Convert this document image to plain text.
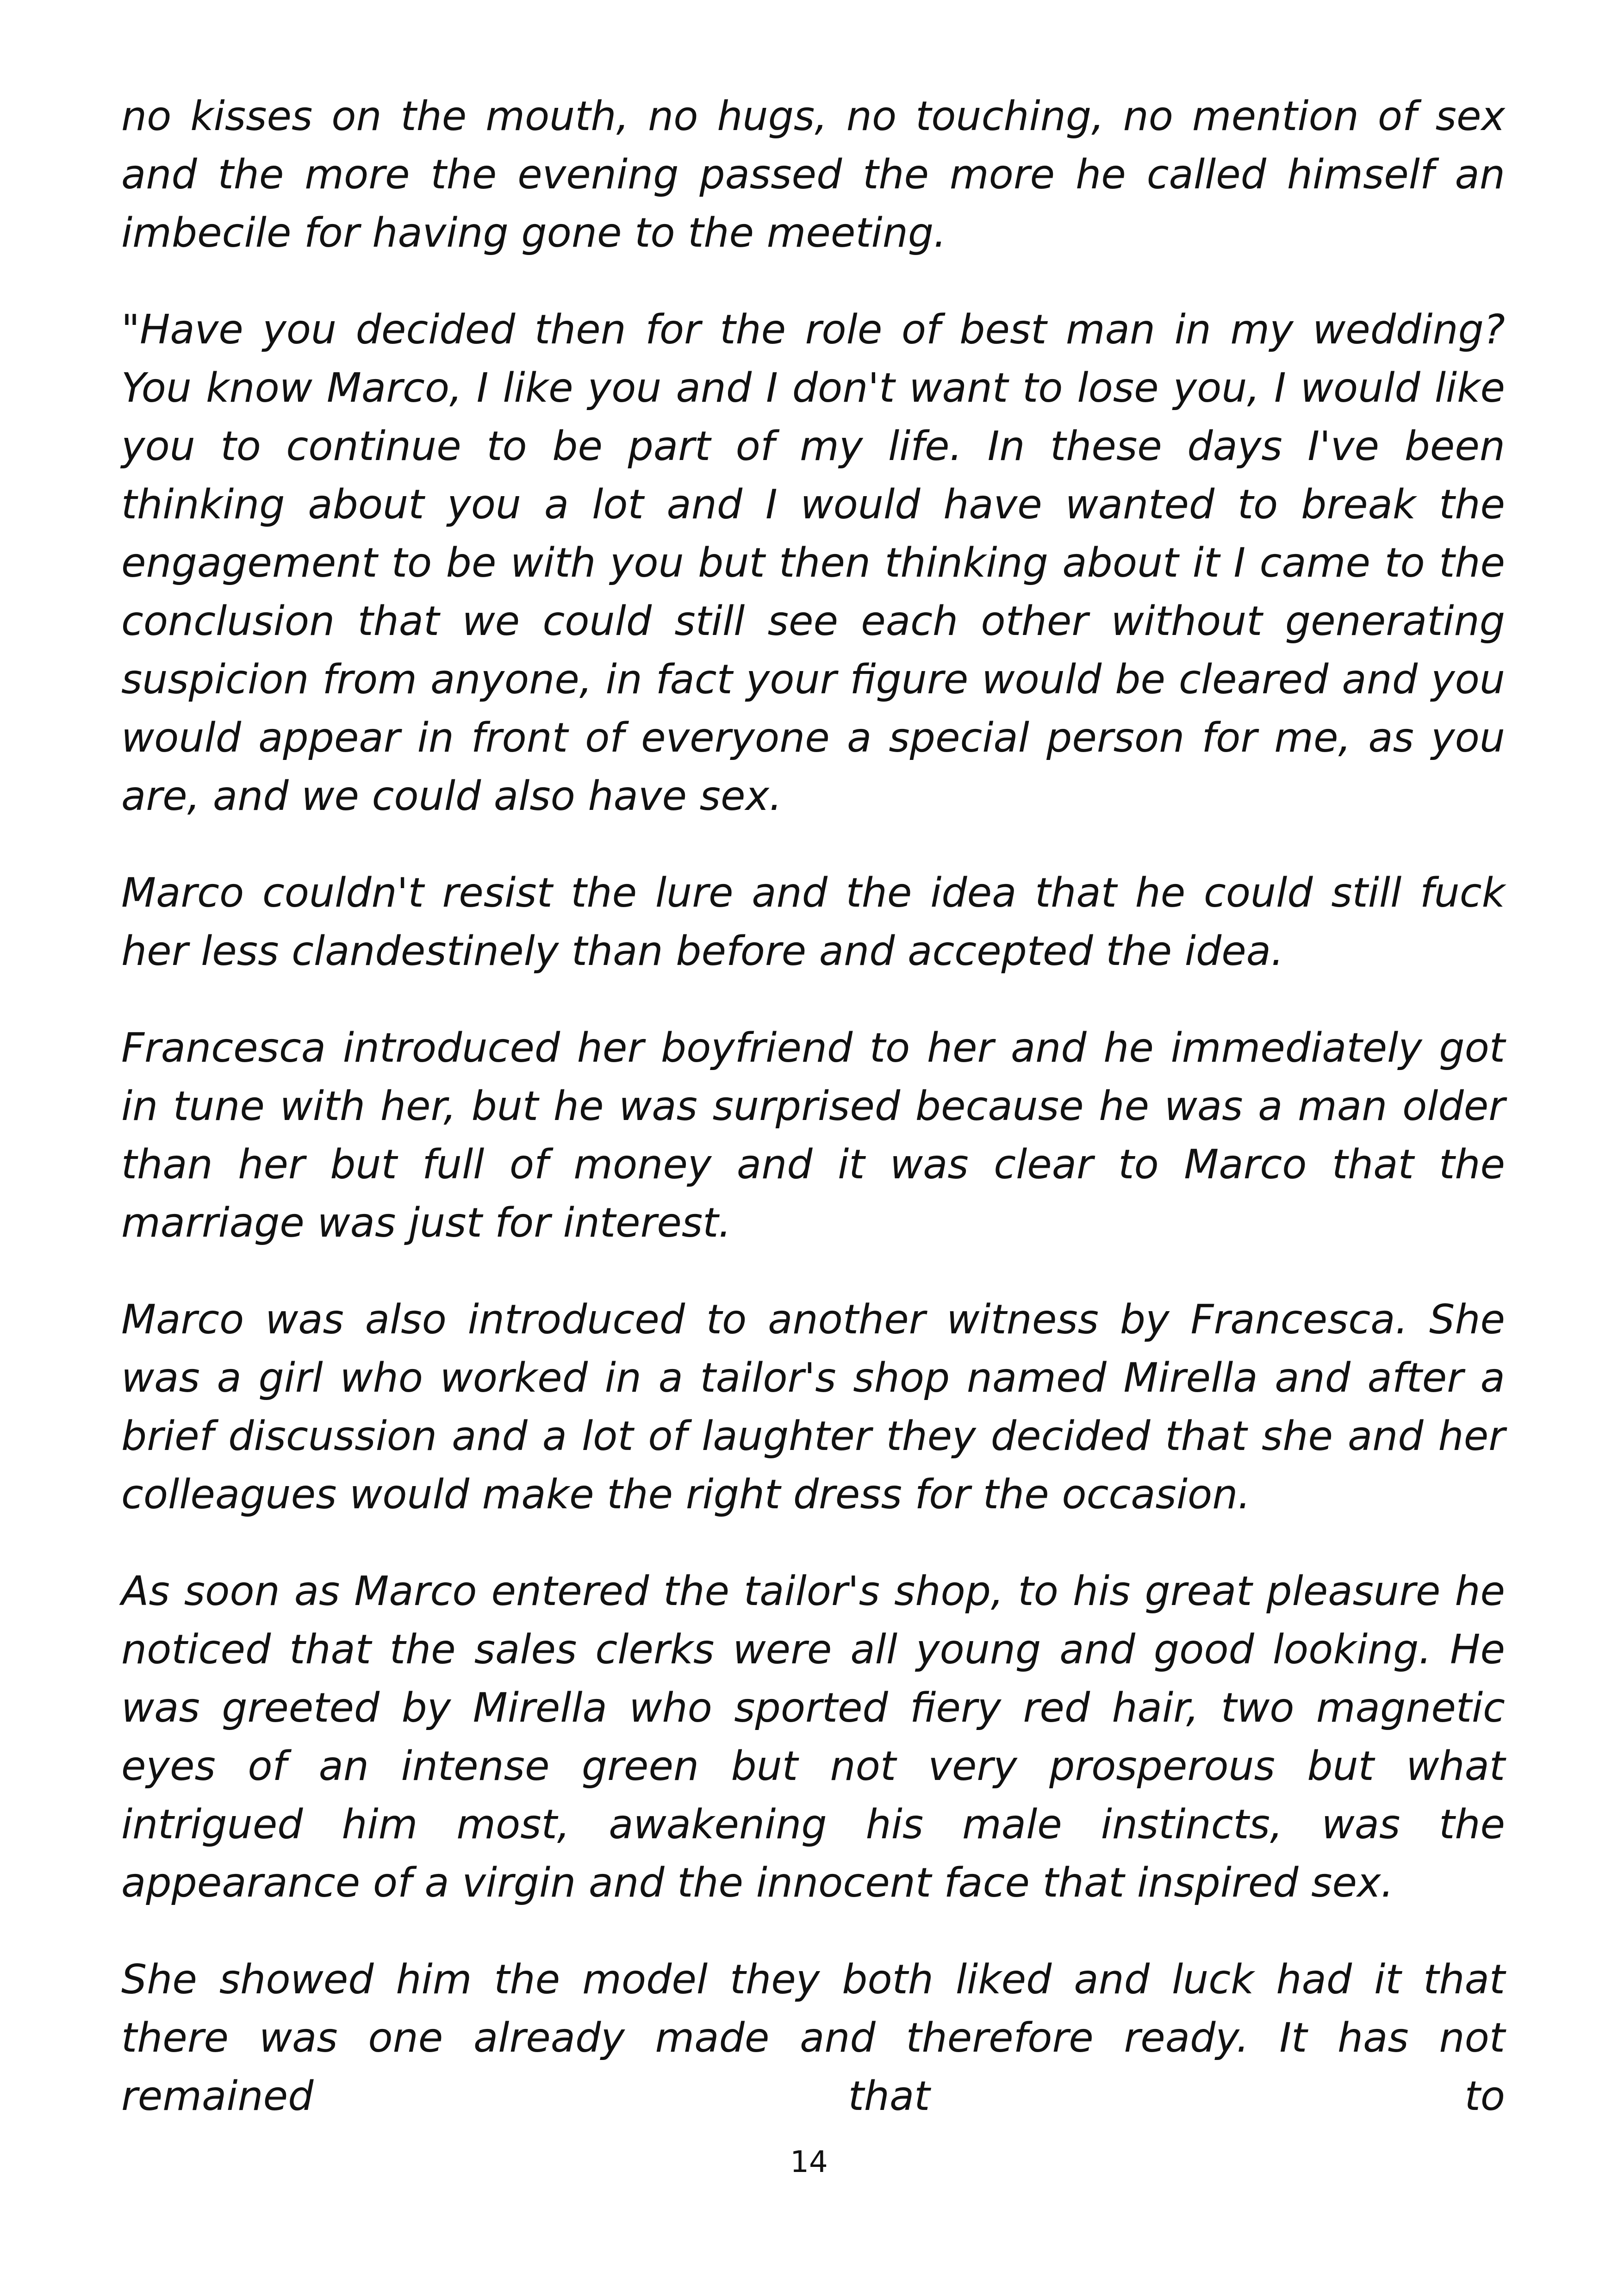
no kisses on the mouth, no hugs, no touching, no mention of sex and the more the evening passed the more he called himself an imbecile for having gone to the meeting.

"Have you decided then for the role of best man in my wedding? You know Marco, I like you and I don't want to lose you, I would like you to continue to be part of my life. In these days I've been thinking about you a lot and I would have wanted to break the engagement to be with you but then thinking about it I came to the conclusion that we could still see each other without generating suspicion from anyone, in fact your figure would be cleared and you would appear in front of everyone a special person for me, as you are, and we could also have sex.

Marco couldn't resist the lure and the idea that he could still fuck her less clandestinely than before and accepted the idea.

Francesca introduced her boyfriend to her and he immediately got in tune with her, but he was surprised because he was a man older than her but full of money and it was clear to Marco that the marriage was just for interest.

Marco was also introduced to another witness by Francesca. She was a girl who worked in a tailor's shop named Mirella and after a brief discussion and a lot of laughter they decided that she and her colleagues would make the right dress for the occasion.

As soon as Marco entered the tailor's shop, to his great pleasure he noticed that the sales clerks were all young and good looking. He was greeted by Mirella who sported fiery red hair, two magnetic eyes of an intense green but not very prosperous but what intrigued him most, awakening his male instincts, was the appearance of a virgin and the innocent face that inspired sex.

She showed him the model they both liked and luck had it that there was one already made and therefore ready. It has not remained that to

14
